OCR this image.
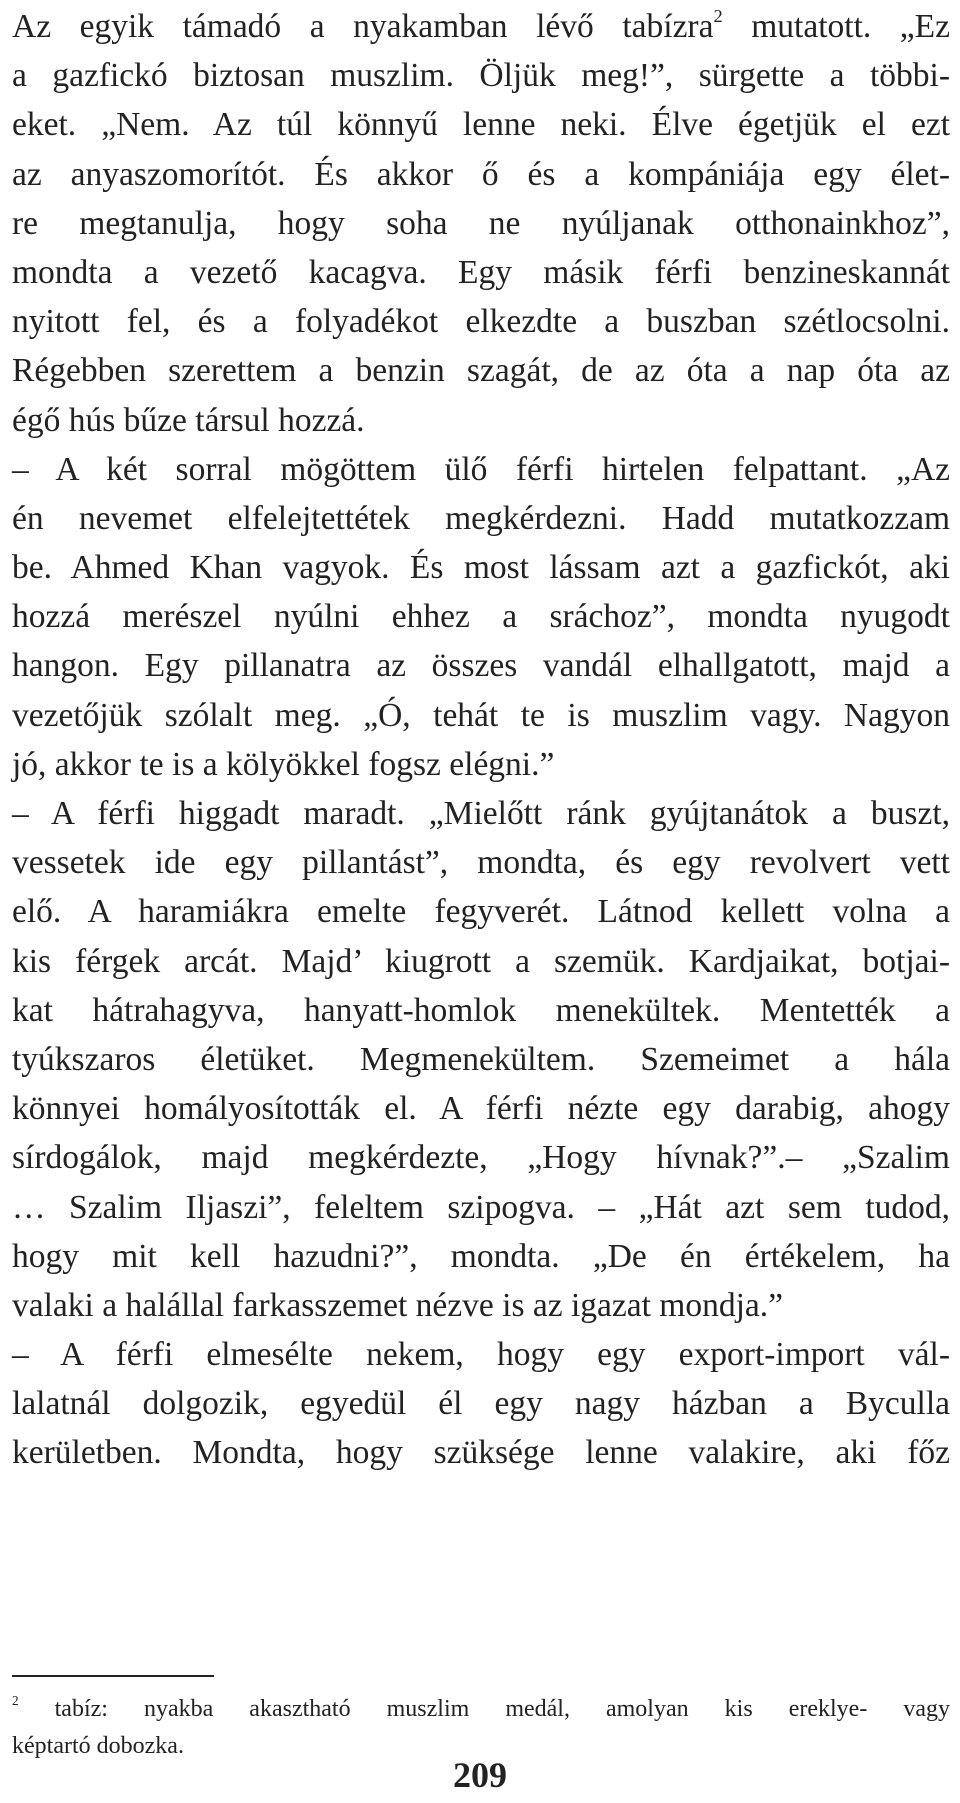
Az egyik támadó a nyakamban lévő tabízra$^2$ mutatott. „Ez
a gazfickó biztosan muszlim. Öljük meg!”, sürgette a többi-
eket. „Nem. Az túl könnyű lenne neki. Élve égetjük el ezt
az anyaszomorítót. És akkor ő és a kompániája egy élet-
re megtanulja, hogy soha ne nyúljanak otthonainkhoz”,
mondta a vezető kacagva. Egy másik férfi benzineskannát
nyitott fel, és a folyadékot elkezdte a buszban szétlocsolni.
Régebben szerettem a benzin szagát, de az óta a nap óta az
égő hús bűze társul hozzá.
– A két sorral mögöttem ülő férfi hirtelen felpattant. „Az
én nevemet elfelejtettétek megkérdezni. Hadd mutatkozzam
be. Ahmed Khan vagyok. És most lássam azt a gazfickót, aki
hozzá merészel nyúlni ehhez a sráchoz”, mondta nyugodt
hangon. Egy pillanatra az összes vandál elhallgatott, majd a
vezetőjük szólalt meg. „Ó, tehát te is muszlim vagy. Nagyon
jó, akkor te is a kölyökkel fogsz elégni.”
– A férfi higgadt maradt. „Mielőtt ránk gyújtanátok a buszt,
vessetek ide egy pillantást”, mondta, és egy revolvert vett
elő. A haramiákra emelte fegyverét. Látnod kellett volna a
kis férgek arcát. Majd’ kiugrott a szemük. Kardjaikat, botjai-
kat hátrahagyva, hanyatt-homlok menekültek. Mentették a
tyúkszaros életüket. Megmenekültem. Szemeimet a hála
könnyei homályosították el. A férfi nézte egy darabig, ahogy
sírdogálok, majd megkérdezte, „Hogy hívnak?”.– „Szalim
… Szalim Iljaszi”, feleltem szipogva. – „Hát azt sem tudod,
hogy mit kell hazudni?”, mondta. „De én értékelem, ha
valaki a halállal farkasszemet nézve is az igazat mondja.”
– A férfi elmesélte nekem, hogy egy export-import vál-
lalatnál dolgozik, egyedül él egy nagy házban a Byculla
kerületben. Mondta, hogy szüksége lenne valakire, aki főz
$^2$ tabíz: nyakba akasztható muszlim medál, amolyan kis ereklye- vagy
képtartó dobozka.
209
